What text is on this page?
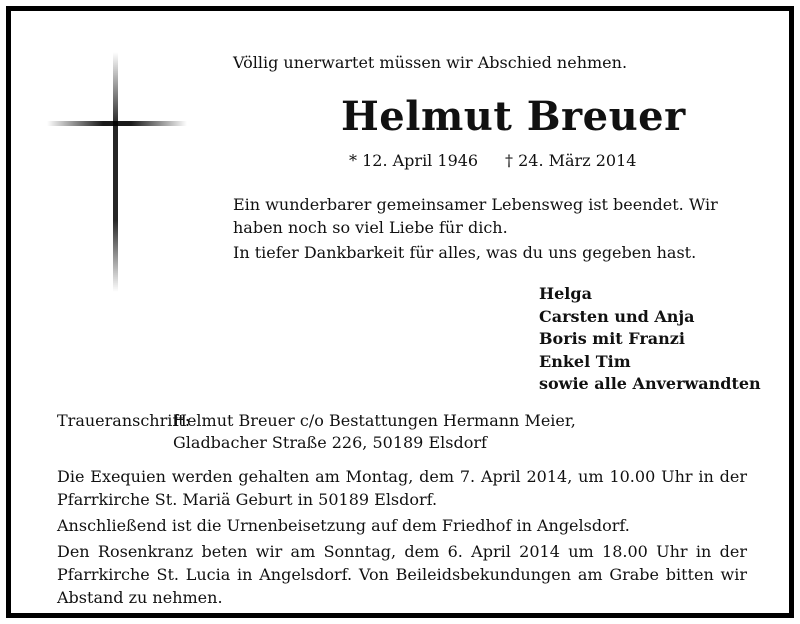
Völlig unerwartet müssen wir Abschied nehmen.

Helmut Breuer

* 12. April 1946 † 24. März 2014

Ein wunderbarer gemeinsamer Lebensweg ist beendet. Wir haben noch so viel Liebe für dich.

In tiefer Dankbarkeit für alles, was du uns gegeben hast.

Helga
Carsten und Anja
Boris mit Franzi
Enkel Tim
sowie alle Anverwandten

Traueranschrift:

Helmut Breuer c/o Bestattungen Hermann Meier,

Gladbacher Straße 226, 50189 Elsdorf

Die Exequien werden gehalten am Montag, dem 7. April 2014, um 10.00 Uhr in der Pfarrkirche St. Mariä Geburt in 50189 Elsdorf.

Anschließend ist die Urnenbeisetzung auf dem Friedhof in Angelsdorf.

Den Rosenkranz beten wir am Sonntag, dem 6. April 2014 um 18.00 Uhr in der Pfarrkirche St. Lucia in Angelsdorf. Von Beileidsbekundungen am Grabe bitten wir Abstand zu nehmen.
